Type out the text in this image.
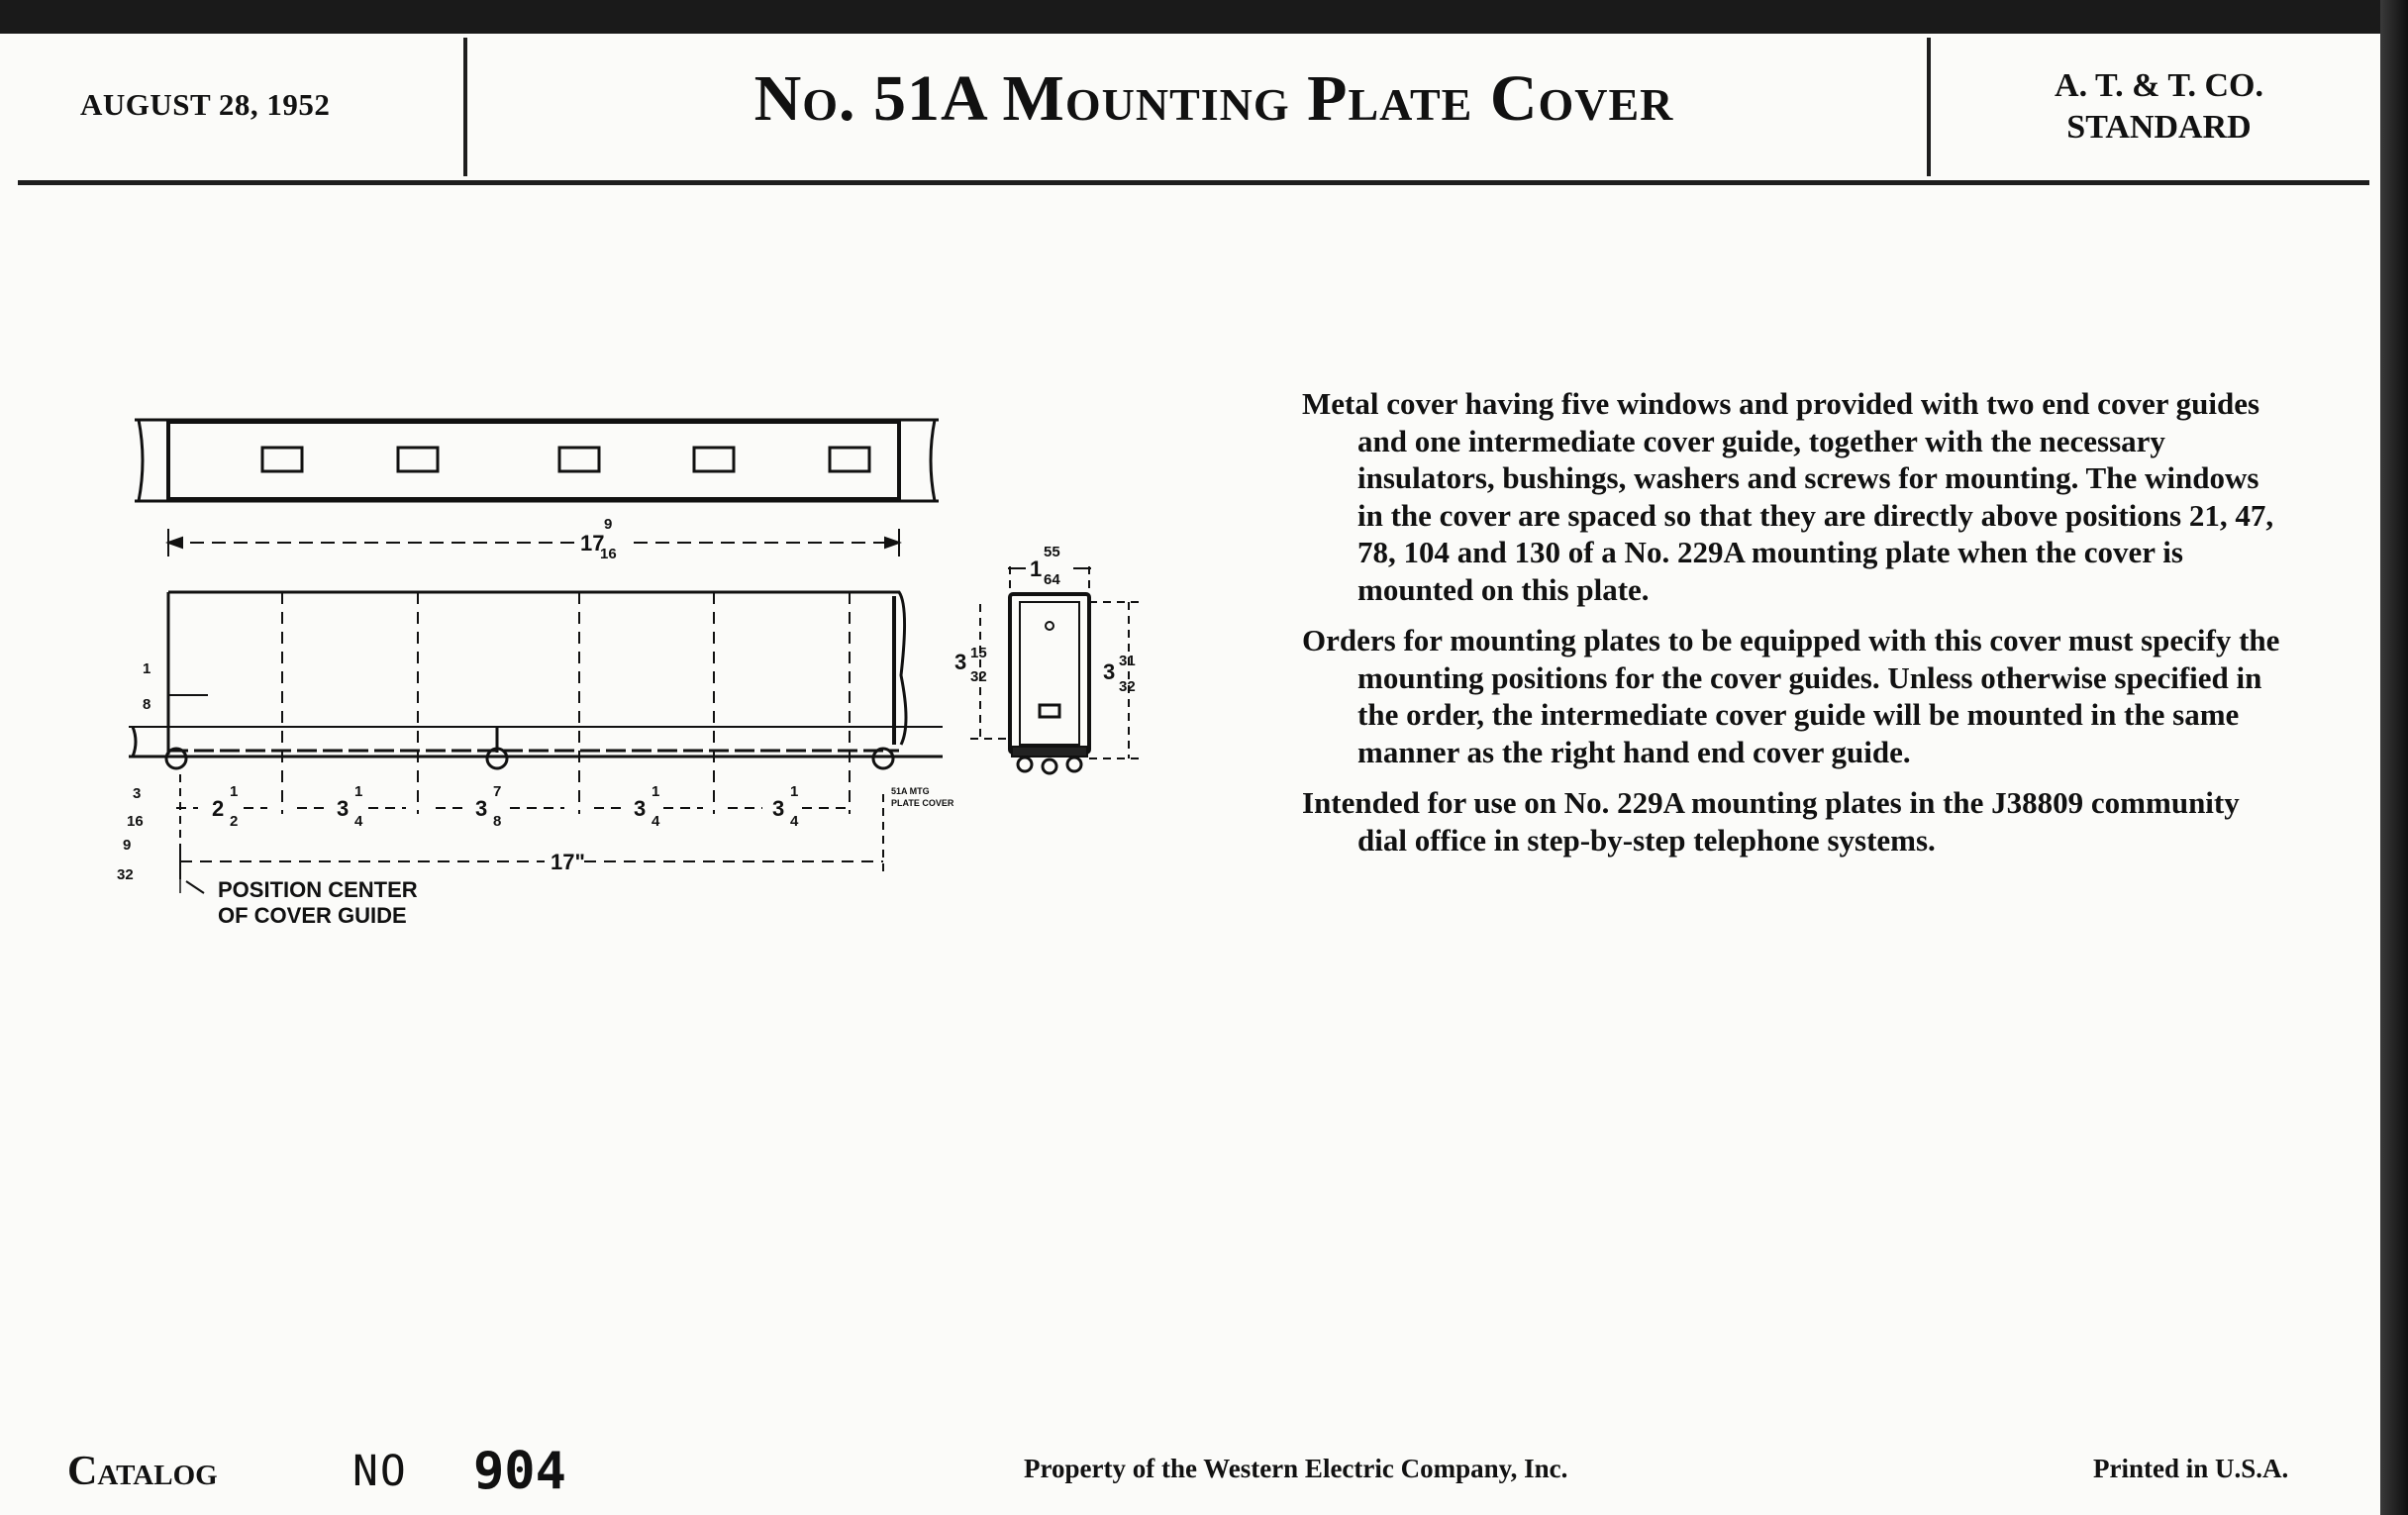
AUGUST 28, 1952	No. 51A Mounting Plate Cover	A. T. & T. CO.
STANDARD
17
9
16
17"
2
1
2
3
1
4
3
7
8
3
1
4
3
1
4
1
8
3
16
9
32
1
55
64
3 15
32	3 31
32
51A MTG
PLATE COVER
POSITION CENTER
OF COVER GUIDE

Metal cover having five windows and provided with two end cover guides and one intermediate cover guide, together with the necessary insulators, bushings, washers and screws for mounting. The windows in the cover are spaced so that they are directly above positions 21, 47, 78, 104 and 130 of a No. 229A mounting plate when the cover is mounted on this plate.

Orders for mounting plates to be equipped with this cover must specify the mounting positions for the cover guides. Unless otherwise specified in the order, the intermediate cover guide will be mounted in the same manner as the right hand end cover guide.

Intended for use on No. 229A mounting plates in the J38809 community dial office in step-by-step telephone systems.

Catalog	NO 904	Property of the Western Electric Company, Inc.	Printed in U.S.A.
